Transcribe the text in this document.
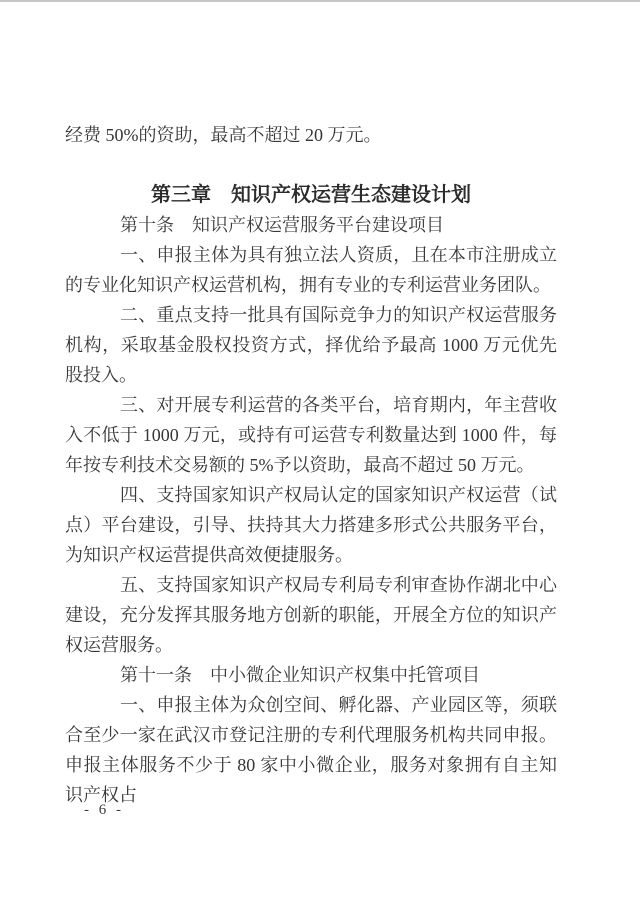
经费 50%的资助，最高不超过 20 万元。

第三章　知识产权运营生态建设计划

第十条　知识产权运营服务平台建设项目

一、申报主体为具有独立法人资质，且在本市注册成立的专业化知识产权运营机构，拥有专业的专利运营业务团队。

二、重点支持一批具有国际竞争力的知识产权运营服务机构，采取基金股权投资方式，择优给予最高 1000 万元优先股投入。

三、对开展专利运营的各类平台，培育期内，年主营收入不低于 1000 万元，或持有可运营专利数量达到 1000 件，每年按专利技术交易额的 5%予以资助，最高不超过 50 万元。

四、支持国家知识产权局认定的国家知识产权运营（试点）平台建设，引导、扶持其大力搭建多形式公共服务平台，为知识产权运营提供高效便捷服务。

五、支持国家知识产权局专利局专利审查协作湖北中心建设，充分发挥其服务地方创新的职能，开展全方位的知识产权运营服务。

第十一条　中小微企业知识产权集中托管项目

一、申报主体为众创空间、孵化器、产业园区等，须联合至少一家在武汉市登记注册的专利代理服务机构共同申报。申报主体服务不少于 80 家中小微企业，服务对象拥有自主知识产权占

- 6 -
